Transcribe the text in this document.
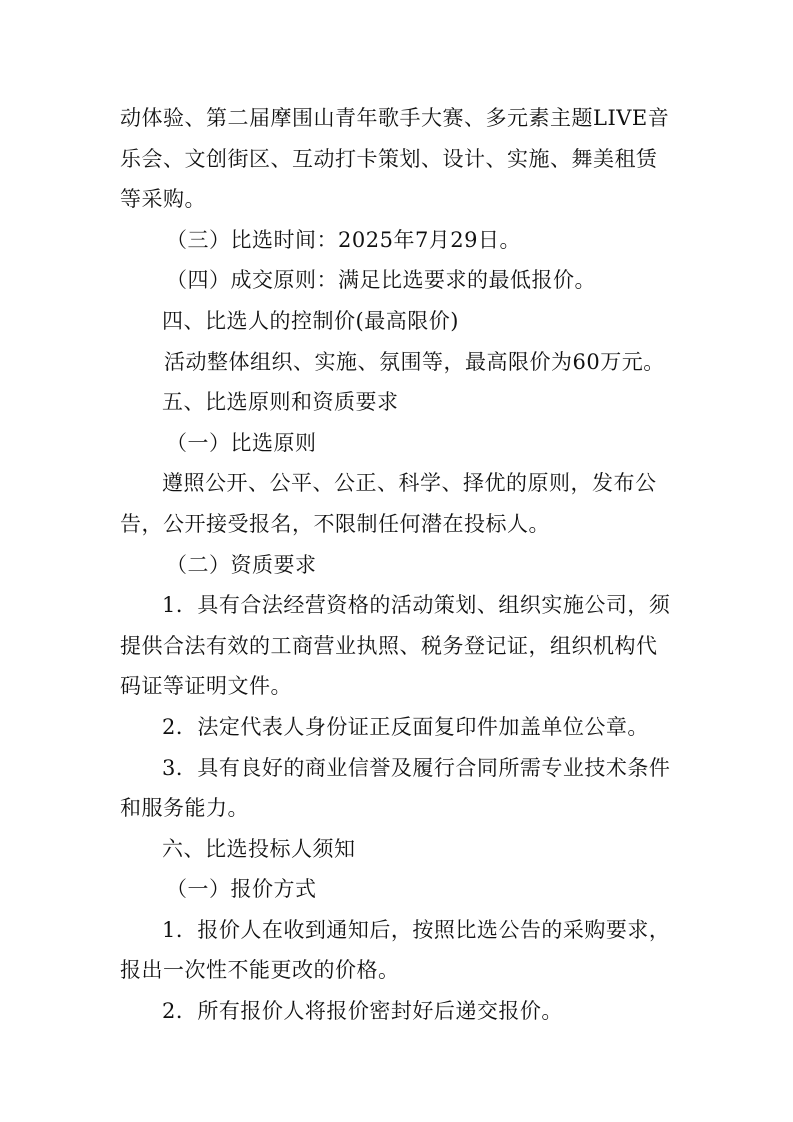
动体验、第二届摩围山青年歌手大赛、多元素主题LIVE音
乐会、文创街区、互动打卡策划、设计、实施、舞美租赁
等采购。
（三）比选时间：2025年7月29日。
（四）成交原则：满足比选要求的最低报价。
四、比选人的控制价(最高限价)
活动整体组织、实施、氛围等，最高限价为60万元。
五、比选原则和资质要求
（一）比选原则
遵照公开、公平、公正、科学、择优的原则，发布公
告，公开接受报名，不限制任何潜在投标人。
（二）资质要求
1．具有合法经营资格的活动策划、组织实施公司，须
提供合法有效的工商营业执照、税务登记证，组织机构代
码证等证明文件。
2．法定代表人身份证正反面复印件加盖单位公章。
3．具有良好的商业信誉及履行合同所需专业技术条件
和服务能力。
六、比选投标人须知
（一）报价方式
1．报价人在收到通知后，按照比选公告的采购要求，
报出一次性不能更改的价格。
2．所有报价人将报价密封好后递交报价。
